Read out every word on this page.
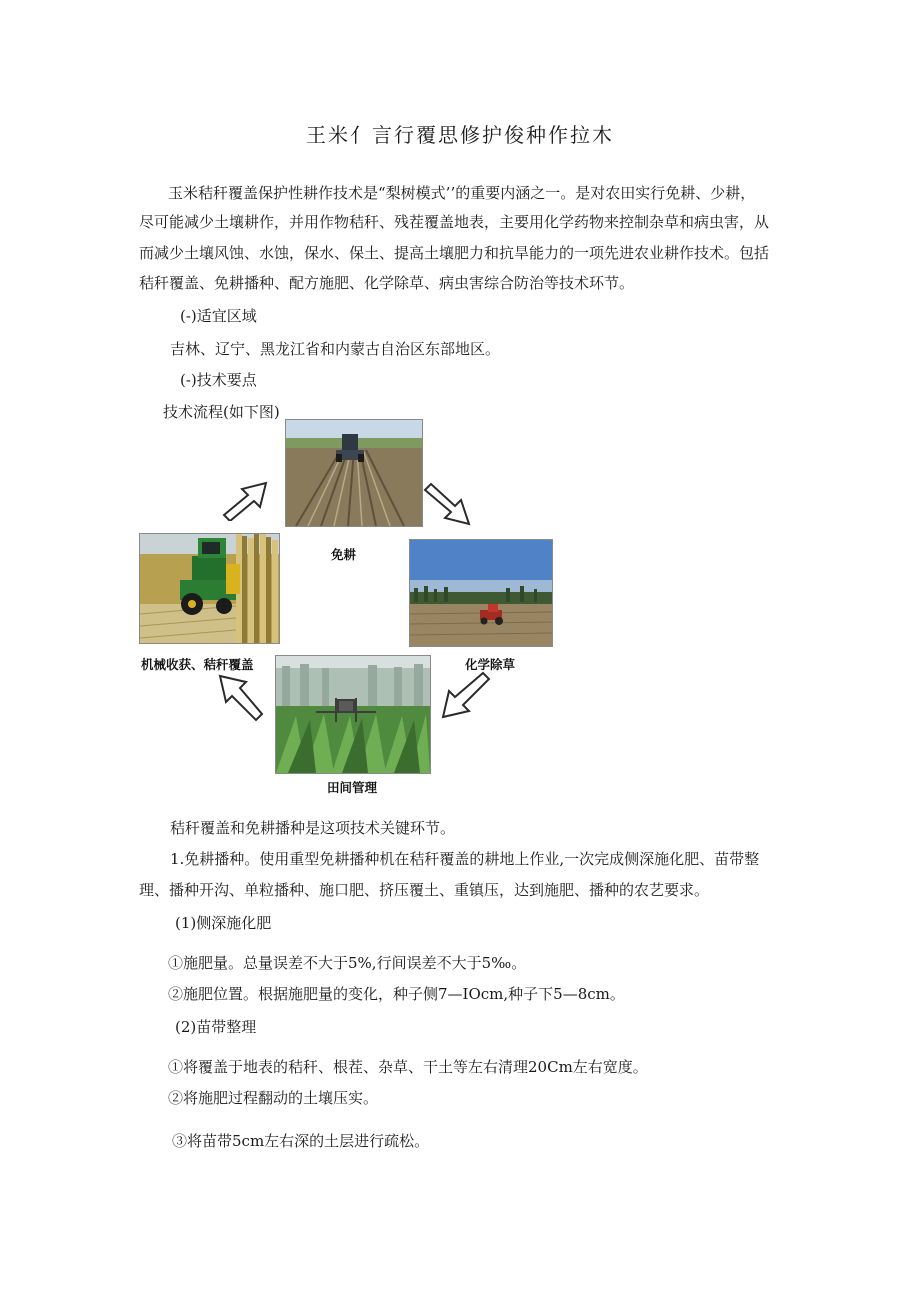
王米亻言行覆思修护俊种作拉木
玉米秸秆覆盖保护性耕作技术是“梨树模式’’的重要内涵之一。是对农田实行免耕、少耕，
尽可能减少土壤耕作，并用作物秸秆、残茬覆盖地表，主要用化学药物来控制杂草和病虫害，从
而减少土壤风蚀、水蚀，保水、保土、提高土壤肥力和抗旱能力的一项先进农业耕作技术。包括
秸秆覆盖、免耕播种、配方施肥、化学除草、病虫害综合防治等技术环节。
(-)适宜区域
吉林、辽宁、黑龙江省和内蒙古自治区东部地区。
(-)技术要点
技术流程(如下图)
免耕
化学除草
田间管理
机械收获、秸秆覆盖
秸秆覆盖和免耕播种是这项技术关键环节。
1.免耕播种。使用重型免耕播种机在秸秆覆盖的耕地上作业,一次完成侧深施化肥、苗带整
理、播种开沟、单粒播种、施口肥、挤压覆土、重镇压，达到施肥、播种的农艺要求。
(1)侧深施化肥
①施肥量。总量误差不大于5%,行间误差不大于5‰。
②施肥位置。根据施肥量的变化，种子侧7—IOcm,种子下5—8cm。
(2)苗带整理
①将覆盖于地表的秸秆、根茬、杂草、干土等左右清理20Cm左右宽度。
②将施肥过程翻动的土壤压实。
③将苗带5cm左右深的土层进行疏松。
